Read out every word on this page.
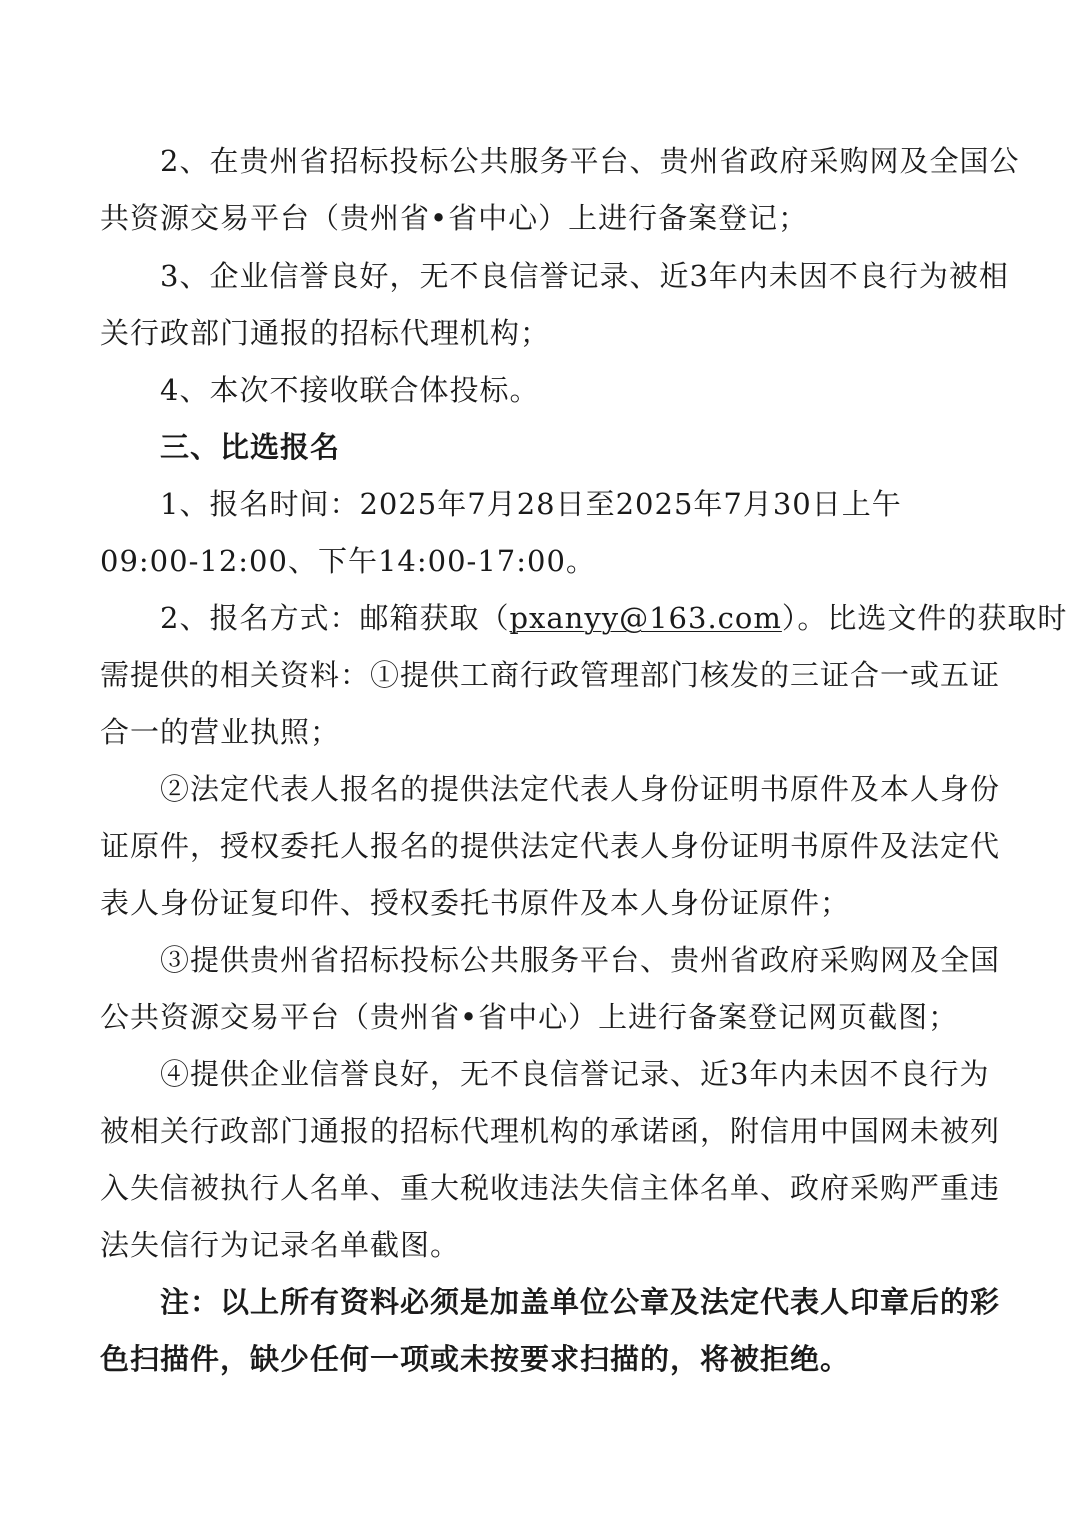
2、在贵州省招标投标公共服务平台、贵州省政府采购网及全国公
共资源交易平台（贵州省•省中心）上进行备案登记；
3、企业信誉良好，无不良信誉记录、近3年内未因不良行为被相
关行政部门通报的招标代理机构；
4、本次不接收联合体投标。
三、比选报名
1、报名时间：2025年7月28日至2025年7月30日上午
09:00-12:00、下午14:00-17:00。
2、报名方式：邮箱获取（pxanyy@163.com）。比选文件的获取时
需提供的相关资料：①提供工商行政管理部门核发的三证合一或五证
合一的营业执照；
②法定代表人报名的提供法定代表人身份证明书原件及本人身份
证原件，授权委托人报名的提供法定代表人身份证明书原件及法定代
表人身份证复印件、授权委托书原件及本人身份证原件；
③提供贵州省招标投标公共服务平台、贵州省政府采购网及全国
公共资源交易平台（贵州省•省中心）上进行备案登记网页截图；
④提供企业信誉良好，无不良信誉记录、近3年内未因不良行为
被相关行政部门通报的招标代理机构的承诺函，附信用中国网未被列
入失信被执行人名单、重大税收违法失信主体名单、政府采购严重违
法失信行为记录名单截图。
注：以上所有资料必须是加盖单位公章及法定代表人印章后的彩
色扫描件，缺少任何一项或未按要求扫描的，将被拒绝。
